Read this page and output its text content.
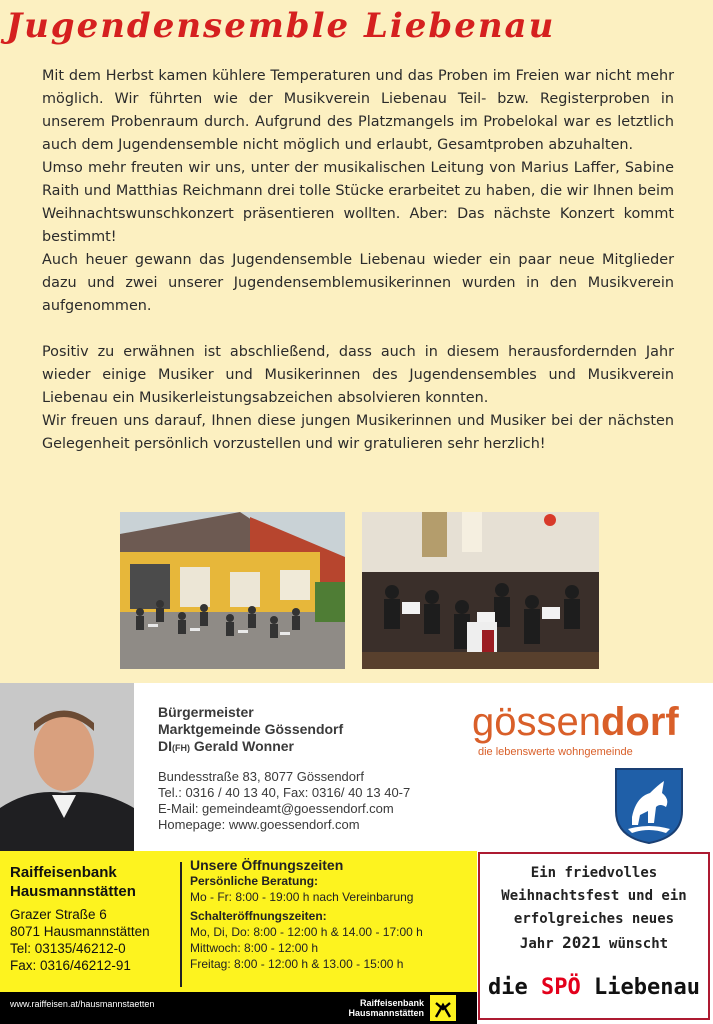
Jugendensemble Liebenau

Mit dem Herbst kamen kühlere Temperaturen und das Proben im Freien war nicht mehr möglich. Wir führten wie der Musikverein Liebenau Teil- bzw. Registerproben in unserem Probenraum durch. Aufgrund des Platzmangels im Probelokal war es letztlich auch dem Jugendensemble nicht möglich und erlaubt, Gesamtproben abzuhalten.

Umso mehr freuten wir uns, unter der musikalischen Leitung von Marius Laffer, Sabine Raith und Matthias Reichmann drei tolle Stücke erarbeitet zu haben, die wir Ihnen beim Weihnachtswunschkonzert präsentieren wollten. Aber: Das nächste Konzert kommt bestimmt!

Auch heuer gewann das Jugendensemble Liebenau wieder ein paar neue Mitglieder dazu und zwei unserer Jugendensemblemusikerinnen wurden in den Musikverein aufgenommen.

Positiv zu erwähnen ist abschließend, dass auch in diesem herausfordernden Jahr wieder einige Musiker und Musikerinnen des Jugendensembles und Musikverein Liebenau ein Musikerleistungsabzeichen absolvieren konnten.

Wir freuen uns darauf, Ihnen diese jungen Musikerinnen und Musiker bei der nächsten Gelegenheit persönlich vorzustellen und wir gratulieren sehr herzlich!

Bürgermeister
Marktgemeinde Gössendorf
DI(FH) Gerald Wonner
Bundesstraße 83, 8077 Gössendorf
Tel.: 0316 / 40 13 40, Fax: 0316/ 40 13 40-7
E-Mail: gemeindeamt@goessendorf.com
Homepage: www.goessendorf.com
gössendorf
die lebenswerte wohngemeinde
Raiffeisenbank
Hausmannstätten
Grazer Straße 6
8071 Hausmannstätten
Tel: 03135/46212-0
Fax: 0316/46212-91
Unsere Öffnungszeiten
Persönliche Beratung:
Mo - Fr: 8:00 - 19:00 h nach Vereinbarung
Schalteröffnungszeiten:
Mo, Di, Do: 8:00 - 12:00 h & 14.00 - 17:00 h
Mittwoch: 8:00 - 12:00 h
Freitag: 8:00 - 12:00 h & 13.00 - 15:00 h
Ein friedvolles
Weihnachtsfest und ein
erfolgreiches neues
Jahr 2021 wünscht
die SPÖ Liebenau
www.raiffeisen.at/hausmannstaetten	Raiffeisenbank
Hausmannstätten
